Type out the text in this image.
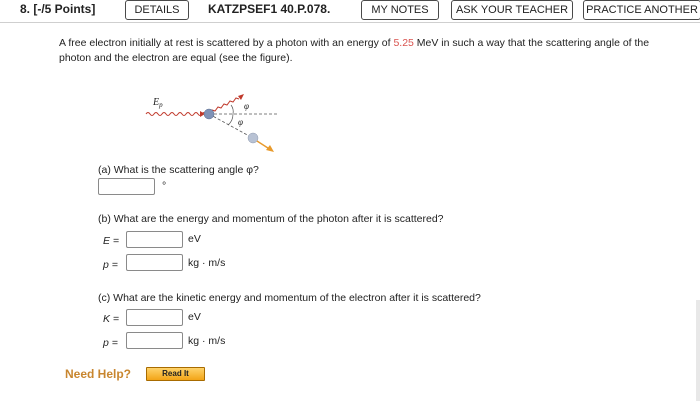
8. [-/5 Points]	DETAILS	KATZPSEF1 40.P.078.	MY NOTES	ASK YOUR TEACHER	PRACTICE ANOTHER
A free electron initially at rest is scattered by a photon with an energy of 5.25 MeV in such a way that the scattering angle of the
photon and the electron are equal (see the figure).
$E_p$	φ
φ
(a) What is the scattering angle φ?
°
(b) What are the energy and momentum of the photon after it is scattered?
E =	eV
p =	kg · m/s
(c) What are the kinetic energy and momentum of the electron after it is scattered?
K =	eV
p =	kg · m/s
Need Help?	Read It
